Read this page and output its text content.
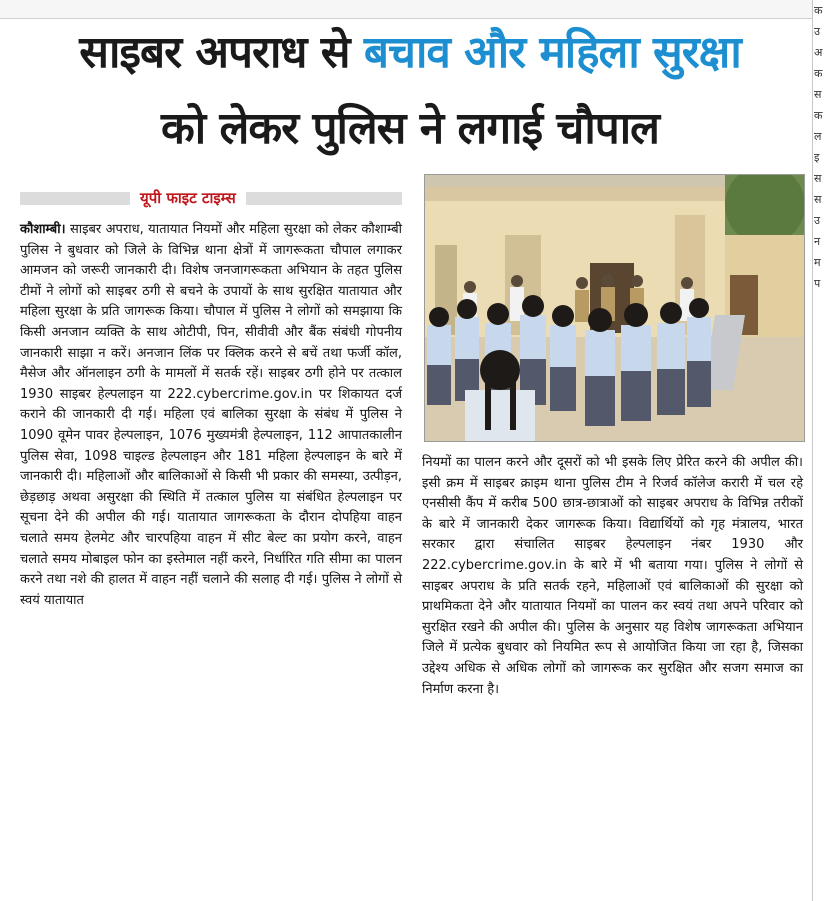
क
उ
अ
क
स
क
ल
इ
स
स
उ
न
म
प
साइबर अपराध से बचाव और महिला सुरक्षा
को लेकर पुलिस ने लगाई चौपाल
यूपी फाइट टाइम्स

कौशाम्बी। साइबर अपराध, यातायात नियमों और महिला सुरक्षा को लेकर कौशाम्बी पुलिस ने बुधवार को जिले के विभिन्न थाना क्षेत्रों में जागरूकता चौपाल लगाकर आमजन को जरूरी जानकारी दी। विशेष जनजागरूकता अभियान के तहत पुलिस टीमों ने लोगों को साइबर ठगी से बचने के उपायों के साथ सुरक्षित यातायात और महिला सुरक्षा के प्रति जागरूक किया। चौपाल में पुलिस ने लोगों को समझाया कि किसी अनजान व्यक्ति के साथ ओटीपी, पिन, सीवीवी और बैंक संबंधी गोपनीय जानकारी साझा न करें। अनजान लिंक पर क्लिक करने से बचें तथा फर्जी कॉल, मैसेज और ऑनलाइन ठगी के मामलों में सतर्क रहें। साइबर ठगी होने पर तत्काल 1930 साइबर हेल्पलाइन या 222.cybercrime.gov.in पर शिकायत दर्ज कराने की जानकारी दी गई। महिला एवं बालिका सुरक्षा के संबंध में पुलिस ने 1090 वूमेन पावर हेल्पलाइन, 1076 मुख्यमंत्री हेल्पलाइन, 112 आपातकालीन पुलिस सेवा, 1098 चाइल्ड हेल्पलाइन और 181 महिला हेल्पलाइन के बारे में जानकारी दी। महिलाओं और बालिकाओं से किसी भी प्रकार की समस्या, उत्पीड़न, छेड़छाड़ अथवा असुरक्षा की स्थिति में तत्काल पुलिस या संबंधित हेल्पलाइन पर सूचना देने की अपील की गई। यातायात जागरूकता के दौरान दोपहिया वाहन चलाते समय हेलमेट और चारपहिया वाहन में सीट बेल्ट का प्रयोग करने, वाहन चलाते समय मोबाइल फोन का इस्तेमाल नहीं करने, निर्धारित गति सीमा का पालन करने तथा नशे की हालत में वाहन नहीं चलाने की सलाह दी गई। पुलिस ने लोगों से स्वयं यातायात

नियमों का पालन करने और दूसरों को भी इसके लिए प्रेरित करने की अपील की। इसी क्रम में साइबर क्राइम थाना पुलिस टीम ने रिजर्व कॉलेज करारी में चल रहे एनसीसी कैंप में करीब 500 छात्र-छात्राओं को साइबर अपराध के विभिन्न तरीकों के बारे में जानकारी देकर जागरूक किया। विद्यार्थियों को गृह मंत्रालय, भारत सरकार द्वारा संचालित साइबर हेल्पलाइन नंबर 1930 और 222.cybercrime.gov.in के बारे में भी बताया गया। पुलिस ने लोगों से साइबर अपराध के प्रति सतर्क रहने, महिलाओं एवं बालिकाओं की सुरक्षा को प्राथमिकता देने और यातायात नियमों का पालन कर स्वयं तथा अपने परिवार को सुरक्षित रखने की अपील की। पुलिस के अनुसार यह विशेष जागरूकता अभियान जिले में प्रत्येक बुधवार को नियमित रूप से आयोजित किया जा रहा है, जिसका उद्देश्य अधिक से अधिक लोगों को जागरूक कर सुरक्षित और सजग समाज का निर्माण करना है।
